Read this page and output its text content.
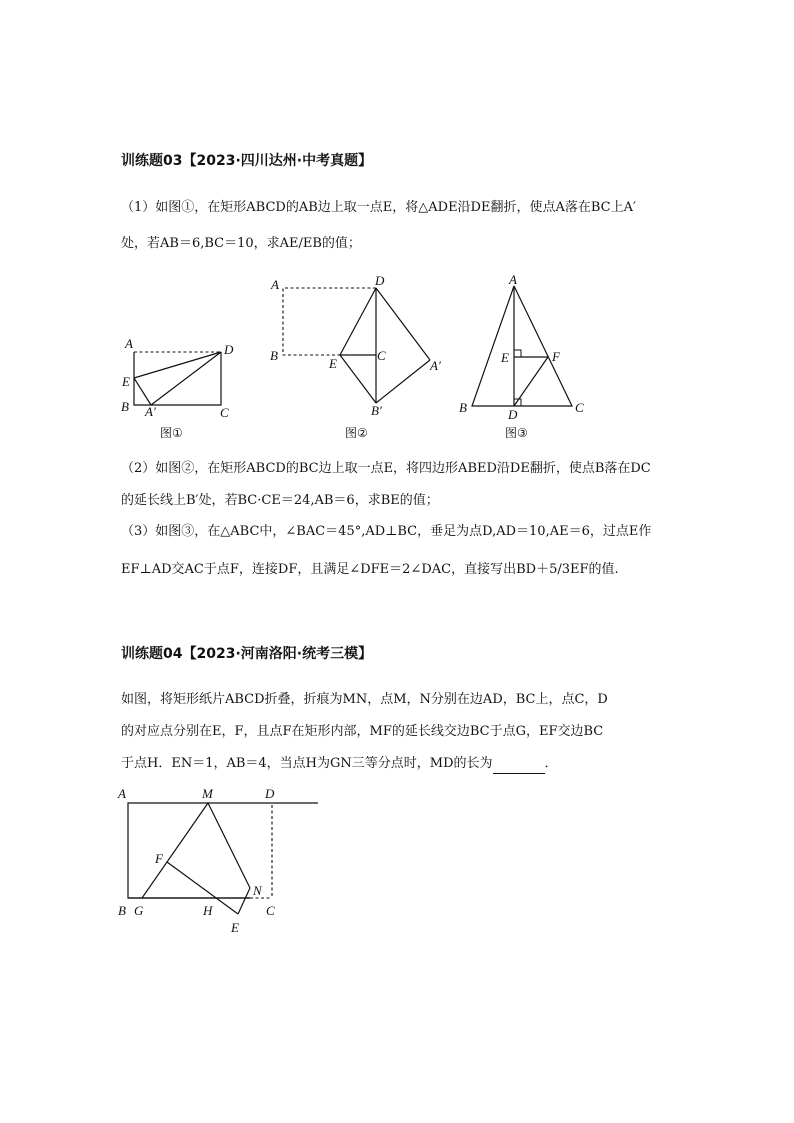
训练题03【2023·四川达州·中考真题】
（1）如图①，在矩形ABCD的AB边上取一点E，将△ADE沿DE翻折，使点A落在BC上A′
处，若AB＝6,BC＝10，求AE/EB的值；
A	D
E
B A′	C
图①
A	D
B	C
E	A′
B′
图②
A
E	F
B	D	C
图③
（2）如图②，在矩形ABCD的BC边上取一点E，将四边形ABED沿DE翻折，使点B落在DC
的延长线上B′处，若BC·CE＝24,AB＝6，求BE的值；
（3）如图③，在△ABC中，∠BAC＝45°,AD⊥BC，垂足为点D,AD＝10,AE＝6，过点E作
EF⊥AD交AC于点F，连接DF，且满足∠DFE＝2∠DAC，直接写出BD＋5/3EF的值.
训练题04【2023·河南洛阳·统考三模】
如图，将矩形纸片ABCD折叠，折痕为MN，点M，N分别在边AD，BC上，点C，D
的对应点分别在E，F，且点F在矩形内部，MF的延长线交边BC于点G，EF交边BC
于点H．EN＝1，AB＝4，当点H为GN三等分点时，MD的长为	．
A	M	D
F
N
B G	H	C
E
